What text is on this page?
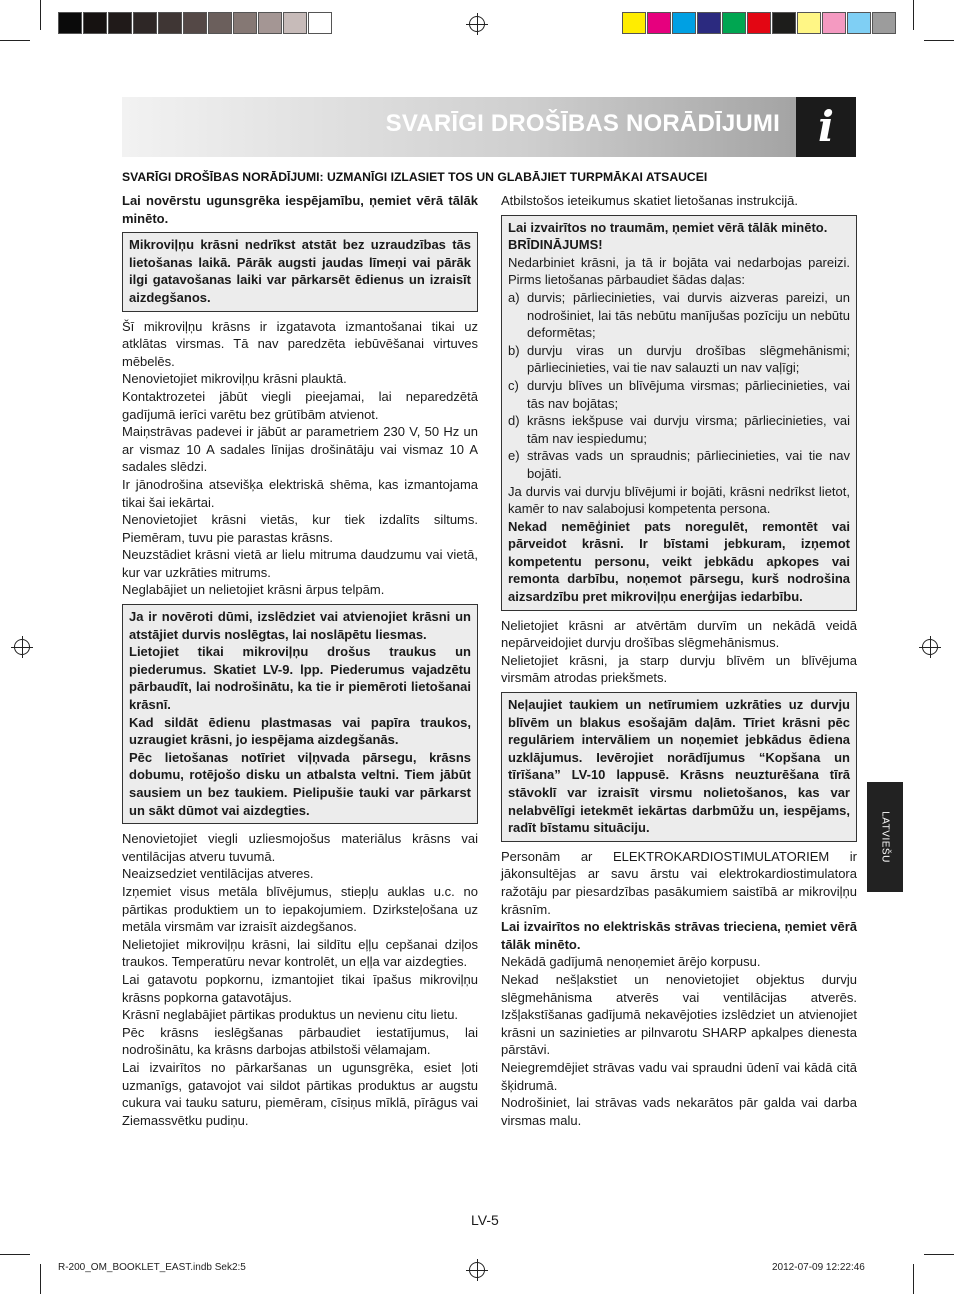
SVARĪGI DROŠĪBAS NORĀDĪJUMI i
SVARĪGI DROŠĪBAS NORĀDĪJUMI: UZMANĪGI IZLASIET TOS UN GLABĀJIET TURPMĀKAI ATSAUCEI

Lai novērstu ugunsgrēka iespējamību, ņemiet vērā tālāk minēto.

Mikroviļņu krāsni nedrīkst atstāt bez uzraudzības tās lietošanas laikā. Pārāk augsti jaudas līmeņi vai pārāk ilgi gatavošanas laiki var pārkarsēt ēdienus un izraisīt aizdegšanos.

Šī mikroviļņu krāsns ir izgatavota izmantošanai tikai uz atklātas virsmas. Tā nav paredzēta iebūvēšanai virtuves mēbelēs.

Nenovietojiet mikroviļņu krāsni plauktā.

Kontaktrozetei jābūt viegli pieejamai, lai neparedzētā gadījumā ierīci varētu bez grūtībām atvienot.

Maiņstrāvas padevei ir jābūt ar parametriem 230 V, 50 Hz un ar vismaz 10 A sadales līnijas drošinātāju vai vismaz 10 A sadales slēdzi.

Ir jānodrošina atsevišķa elektriskā shēma, kas izmantojama tikai šai iekārtai.

Nenovietojiet krāsni vietās, kur tiek izdalīts siltums. Piemēram, tuvu pie parastas krāsns.

Neuzstādiet krāsni vietā ar lielu mitruma daudzumu vai vietā, kur var uzkrāties mitrums.

Neglabājiet un nelietojiet krāsni ārpus telpām.

Ja ir novēroti dūmi, izslēdziet vai atvienojiet krāsni un atstājiet durvis noslēgtas, lai noslāpētu liesmas.

Lietojiet tikai mikroviļņu drošus traukus un piederumus. Skatiet LV-9. lpp. Piederumus vajadzētu pārbaudīt, lai nodrošinātu, ka tie ir piemēroti lietošanai krāsnī.

Kad sildāt ēdienu plastmasas vai papīra traukos, uzraugiet krāsni, jo iespējama aizdegšanās.

Pēc lietošanas notīriet viļņvada pārsegu, krāsns dobumu, rotējošo disku un atbalsta veltni. Tiem jābūt sausiem un bez taukiem. Pielipušie tauki var pārkarst un sākt dūmot vai aizdegties.

Nenovietojiet viegli uzliesmojošus materiālus krāsns vai ventilācijas atveru tuvumā.

Neaizsedziet ventilācijas atveres.

Izņemiet visus metāla blīvējumus, stiepļu auklas u.c. no pārtikas produktiem un to iepakojumiem. Dzirksteļošana uz metāla virsmām var izraisīt aizdegšanos.

Nelietojiet mikroviļņu krāsni, lai sildītu eļļu cepšanai dziļos traukos. Temperatūru nevar kontrolēt, un eļļa var aizdegties.

Lai gatavotu popkornu, izmantojiet tikai īpašus mikroviļņu krāsns popkorna gatavotājus.

Krāsnī neglabājiet pārtikas produktus un nevienu citu lietu.

Pēc krāsns ieslēgšanas pārbaudiet iestatījumus, lai nodrošinātu, ka krāsns darbojas atbilstoši vēlamajam.

Lai izvairītos no pārkaršanas un ugunsgrēka, esiet ļoti uzmanīgs, gatavojot vai sildot pārtikas produktus ar augstu cukura vai tauku saturu, piemēram, cīsiņus mīklā, pīrāgus vai Ziemassvētku pudiņu.

Atbilstošos ieteikumus skatiet lietošanas instrukcijā.

Lai izvairītos no traumām, ņemiet vērā tālāk minēto.

BRĪDINĀJUMS!

Nedarbiniet krāsni, ja tā ir bojāta vai nedarbojas pareizi. Pirms lietošanas pārbaudiet šādas daļas:

a) durvis; pārliecinieties, vai durvis aizveras pareizi, un nodrošiniet, lai tās nebūtu manījušas pozīciju un nebūtu deformētas;
b) durvju viras un durvju drošības slēgmehānismi; pārliecinieties, vai tie nav salauzti un nav vaļīgi;
c) durvju blīves un blīvējuma virsmas; pārliecinieties, vai tās nav bojātas;
d) krāsns iekšpuse vai durvju virsma; pārliecinieties, vai tām nav iespiedumu;
e) strāvas vads un spraudnis; pārliecinieties, vai tie nav bojāti.

Ja durvis vai durvju blīvējumi ir bojāti, krāsni nedrīkst lietot, kamēr to nav salabojusi kompetenta persona.

Nekad nemēģiniet pats noregulēt, remontēt vai pārveidot krāsni. Ir bīstami jebkuram, izņemot kompetentu personu, veikt jebkādu apkopes vai remonta darbību, noņemot pārsegu, kurš nodrošina aizsardzību pret mikroviļņu enerģijas iedarbību.

Nelietojiet krāsni ar atvērtām durvīm un nekādā veidā nepārveidojiet durvju drošības slēgmehānismus.

Nelietojiet krāsni, ja starp durvju blīvēm un blīvējuma virsmām atrodas priekšmets.

Neļaujiet taukiem un netīrumiem uzkrāties uz durvju blīvēm un blakus esošajām daļām. Tīriet krāsni pēc regulāriem intervāliem un noņemiet jebkādus ēdiena uzklājumus. Ievērojiet norādījumus “Kopšana un tīrīšana” LV-10 lappusē. Krāsns neuzturēšana tīrā stāvoklī var izraisīt virsmu nolietošanos, kas var nelabvēlīgi ietekmēt iekārtas darbmūžu un, iespējams, radīt bīstamu situāciju.

Personām ar ELEKTROKARDIOSTIMULATORIEM ir jākonsultējas ar savu ārstu vai elektrokardiostimulatora ražotāju par piesardzības pasākumiem saistībā ar mikroviļņu krāsnīm.

Lai izvairītos no elektriskās strāvas trieciena, ņemiet vērā tālāk minēto.

Nekādā gadījumā nenoņemiet ārējo korpusu.

Nekad nešļakstiet un nenovietojiet objektus durvju slēgmehānisma atverēs vai ventilācijas atverēs. Izšļakstīšanas gadījumā nekavējoties izslēdziet un atvienojiet krāsni un sazinieties ar pilnvarotu SHARP apkalpes dienesta pārstāvi.

Neiegremdējiet strāvas vadu vai spraudni ūdenī vai kādā citā šķidrumā.

Nodrošiniet, lai strāvas vads nekarātos pār galda vai darba virsmas malu.

LATVIEŠU
LV-5
R-200_OM_BOOKLET_EAST.indb Sek2:5	2012-07-09 12:22:46
